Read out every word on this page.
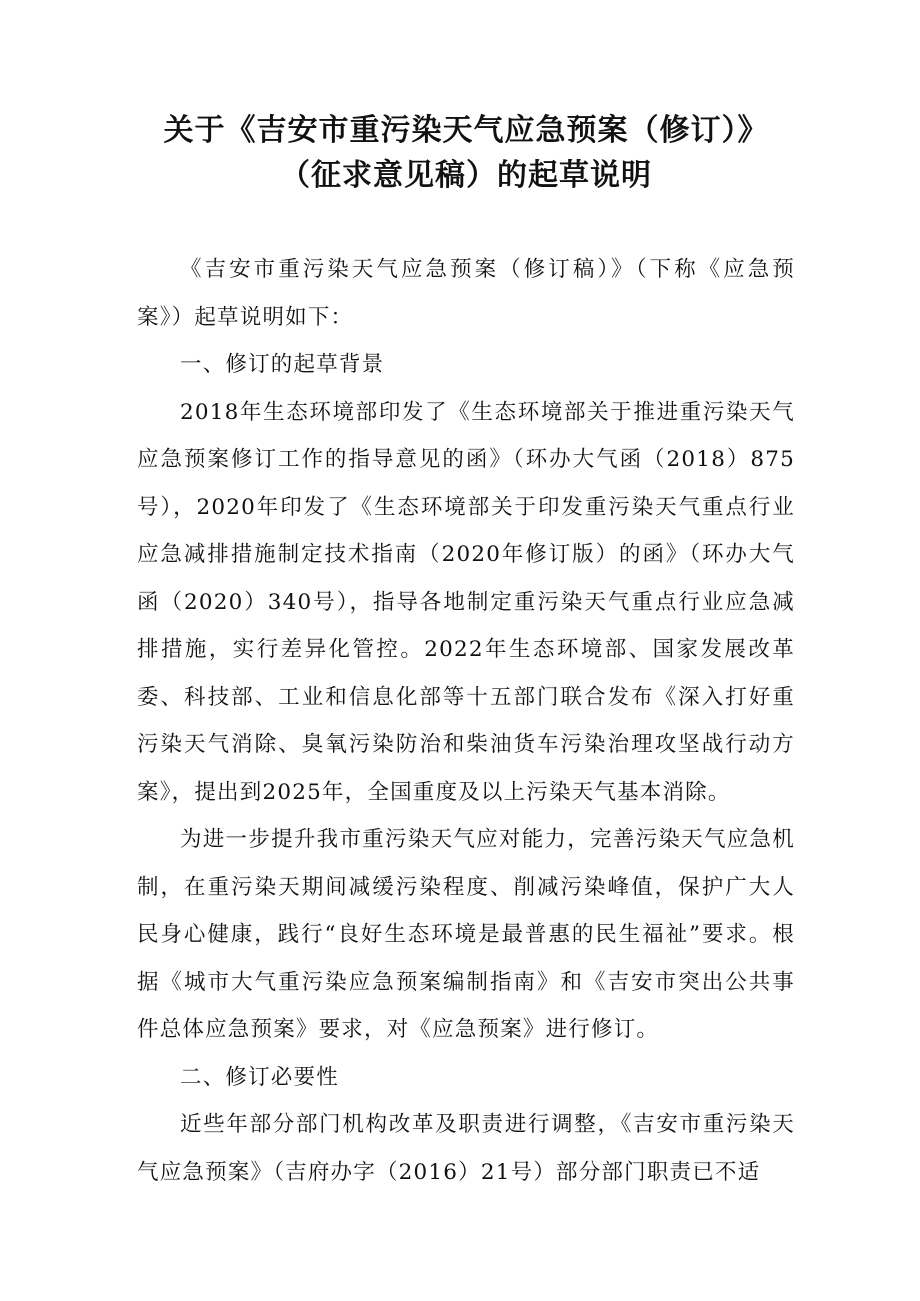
关于《吉安市重污染天气应急预案（修订）》
（征求意见稿）的起草说明

《吉安市重污染天气应急预案（修订稿）》（下称《应急预案》）起草说明如下：

一、修订的起草背景

2018年生态环境部印发了《生态环境部关于推进重污染天气应急预案修订工作的指导意见的函》（环办大气函（2018）875号），2020年印发了《生态环境部关于印发重污染天气重点行业应急减排措施制定技术指南（2020年修订版）的函》（环办大气函（2020）340号），指导各地制定重污染天气重点行业应急减排措施，实行差异化管控。2022年生态环境部、国家发展改革委、科技部、工业和信息化部等十五部门联合发布《深入打好重污染天气消除、臭氧污染防治和柴油货车污染治理攻坚战行动方案》，提出到2025年，全国重度及以上污染天气基本消除。

为进一步提升我市重污染天气应对能力，完善污染天气应急机制，在重污染天期间减缓污染程度、削减污染峰值，保护广大人民身心健康，践行“良好生态环境是最普惠的民生福祉”要求。根据《城市大气重污染应急预案编制指南》和《吉安市突出公共事件总体应急预案》要求，对《应急预案》进行修订。

二、修订必要性

近些年部分部门机构改革及职责进行调整，《吉安市重污染天气应急预案》（吉府办字（2016）21号）部分部门职责已不适
